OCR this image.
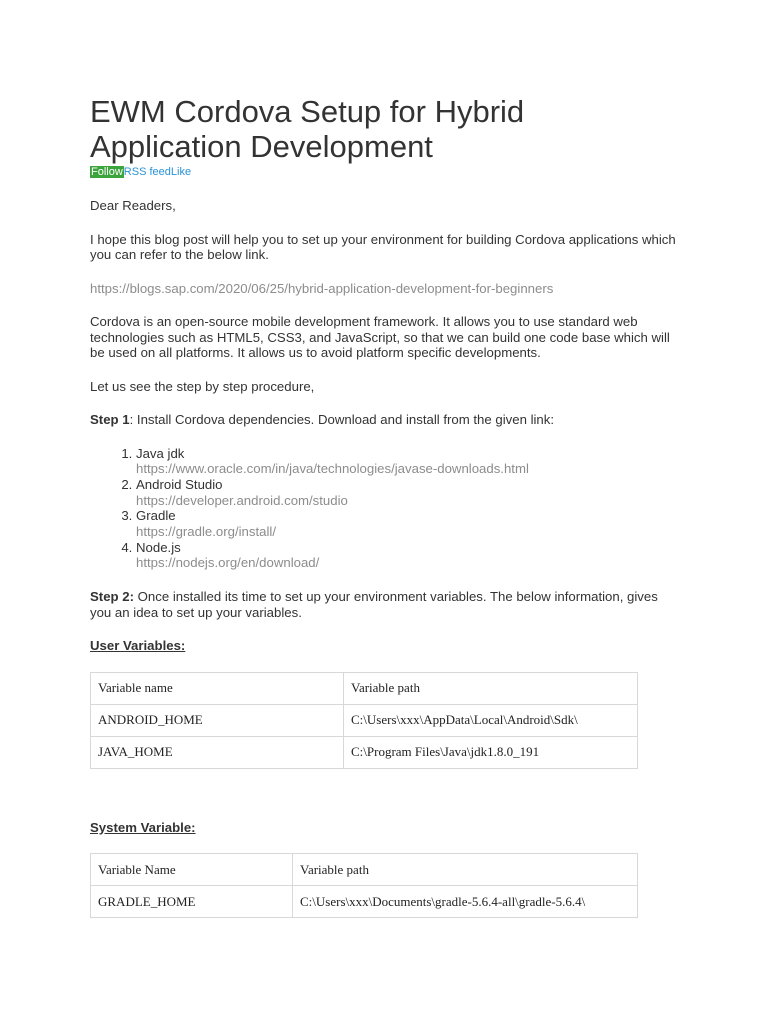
EWM Cordova Setup for Hybrid Application Development
FollowRSS feedLike

Dear Readers,

I hope this blog post will help you to set up your environment for building Cordova applications which you can refer to the below link.

https://blogs.sap.com/2020/06/25/hybrid-application-development-for-beginners

Cordova is an open-source mobile development framework. It allows you to use standard web technologies such as HTML5, CSS3, and JavaScript, so that we can build one code base which will be used on all platforms. It allows us to avoid platform specific developments.

Let us see the step by step procedure,

Step 1: Install Cordova dependencies. Download and install from the given link:

1. Java jdk
https://www.oracle.com/in/java/technologies/javase-downloads.html
2. Android Studio
https://developer.android.com/studio
3. Gradle
https://gradle.org/install/
4. Node.js
https://nodejs.org/en/download/

Step 2: Once installed its time to set up your environment variables. The below information, gives you an idea to set up your variables.

User Variables:

Variable name	Variable path
ANDROID_HOME	C:\Users\xxx\AppData\Local\Android\Sdk\
JAVA_HOME	C:\Program Files\Java\jdk1.8.0_191

System Variable:

Variable Name	Variable path
GRADLE_HOME	C:\Users\xxx\Documents\gradle-5.6.4-all\gradle-5.6.4\
